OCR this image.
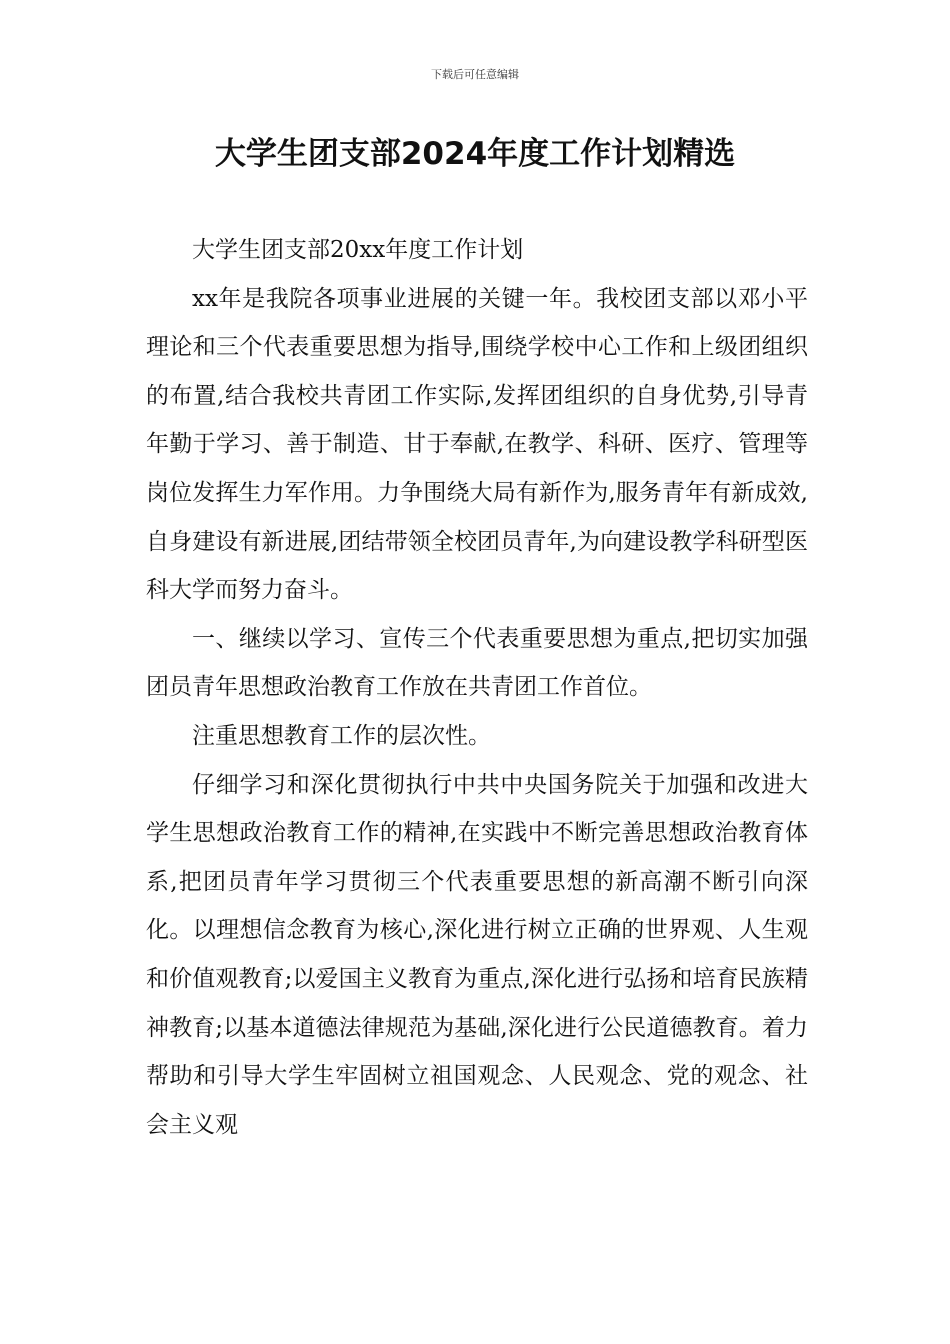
下载后可任意编辑
大学生团支部2024年度工作计划精选

大学生团支部20xx年度工作计划

xx年是我院各项事业进展的关键一年。我校团支部以邓小平理论和三个代表重要思想为指导,围绕学校中心工作和上级团组织的布置,结合我校共青团工作实际,发挥团组织的自身优势,引导青年勤于学习、善于制造、甘于奉献,在教学、科研、医疗、管理等岗位发挥生力军作用。力争围绕大局有新作为,服务青年有新成效,自身建设有新进展,团结带领全校团员青年,为向建设教学科研型医科大学而努力奋斗。

一、继续以学习、宣传三个代表重要思想为重点,把切实加强团员青年思想政治教育工作放在共青团工作首位。

注重思想教育工作的层次性。

仔细学习和深化贯彻执行中共中央国务院关于加强和改进大学生思想政治教育工作的精神,在实践中不断完善思想政治教育体系,把团员青年学习贯彻三个代表重要思想的新高潮不断引向深化。以理想信念教育为核心,深化进行树立正确的世界观、人生观和价值观教育;以爱国主义教育为重点,深化进行弘扬和培育民族精神教育;以基本道德法律规范为基础,深化进行公民道德教育。着力帮助和引导大学生牢固树立祖国观念、人民观念、党的观念、社会主义观
